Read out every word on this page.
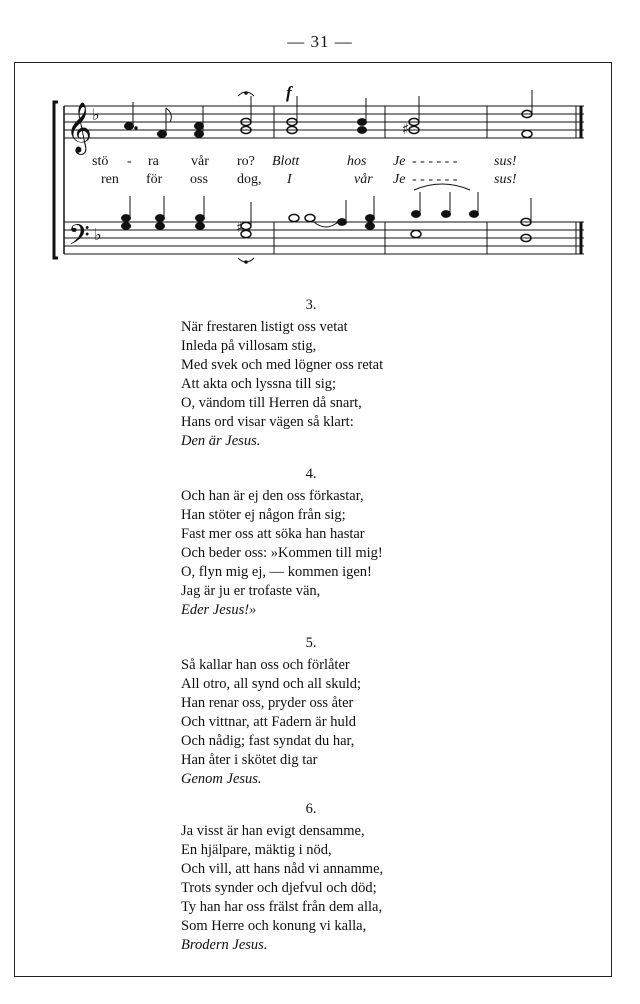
— 31 —
𝄞
𝄢
♭
♭
♯
f
♯
stö - ra vår ro? Blott	hos Je - - - - - -	sus!
ren för oss dog, I	vår Je - - - - - -	sus!
3.
När frestaren listigt oss vetat
Inleda på villosam stig,
Med svek och med lögner oss retat
Att akta och lyssna till sig;
O, vändom till Herren då snart,
Hans ord visar vägen så klart:
Den är Jesus.
4.
Och han är ej den oss förkastar,
Han stöter ej någon från sig;
Fast mer oss att söka han hastar
Och beder oss: »Kommen till mig!
O, flyn mig ej, — kommen igen!
Jag är ju er trofaste vän,
Eder Jesus!»
5.
Så kallar han oss och förlåter
All otro, all synd och all skuld;
Han renar oss, pryder oss åter
Och vittnar, att Fadern är huld
Och nådig; fast syndat du har,
Han åter i skötet dig tar
Genom Jesus.
6.
Ja visst är han evigt densamme,
En hjälpare, mäktig i nöd,
Och vill, att hans nåd vi annamme,
Trots synder och djefvul och död;
Ty han har oss frälst från dem alla,
Som Herre och konung vi kalla,
Brodern Jesus.
